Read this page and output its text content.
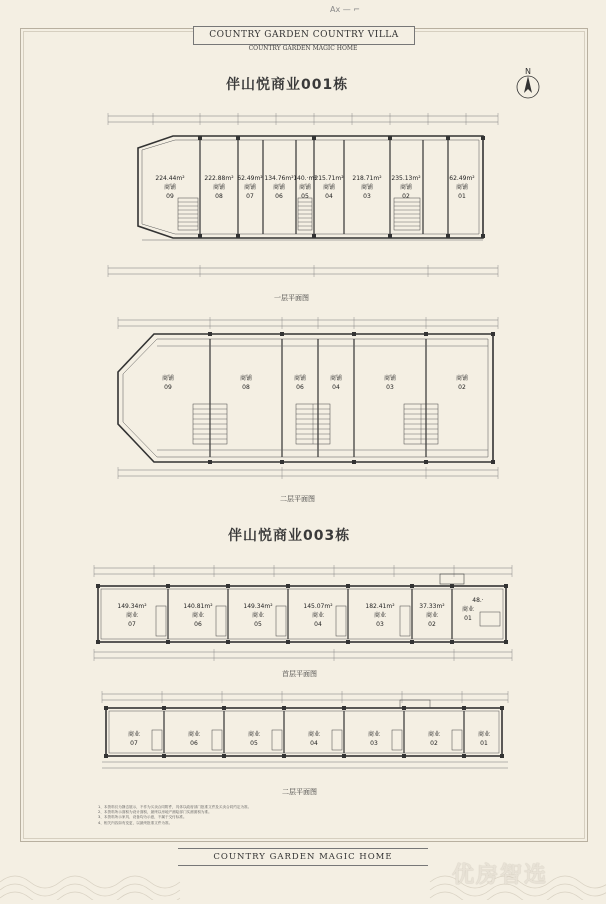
Ax — ⌐
COUNTRY GARDEN COUNTRY VILLA
COUNTRY GARDEN MAGIC HOME
N
伴山悦商业001栋
224.44m²
商铺
09
222.88m²
商铺
08
62.49m²
商铺
07
134.76m²
商铺
06
140.·m²
商铺
05
215.71m²
商铺
04
218.71m²
商铺
03
235.13m²
商铺
02
62.49m²
商铺
01
一层平面图
商铺
09
商铺
08
商铺
06
商铺
04
商铺
03
商铺
02
二层平面图
伴山悦商业003栋
149.34m²
商业
07
140.81m²
商业
06
149.34m²
商业
05
145.07m²
商业
04
182.41m²
商业
03
37.33m²
商业
02
48.·
商业
01
首层平面图
商业
07
商业
06
商业
05
商业
04
商业
03
商业
02
商业
01
二层平面图
1、本资料仅为静态展示，不作为买卖合同附件，具体以政府部门批准文件及买卖合同约定为准。
2、本资料所示面积为设计面积，最终以房地产测绘部门实测面积为准。
3、本资料所示家具、设备均为示意，不属于交付标准。
4、相关内容如有变更，以最终批准文件为准。
COUNTRY GARDEN MAGIC HOME
优房智选
